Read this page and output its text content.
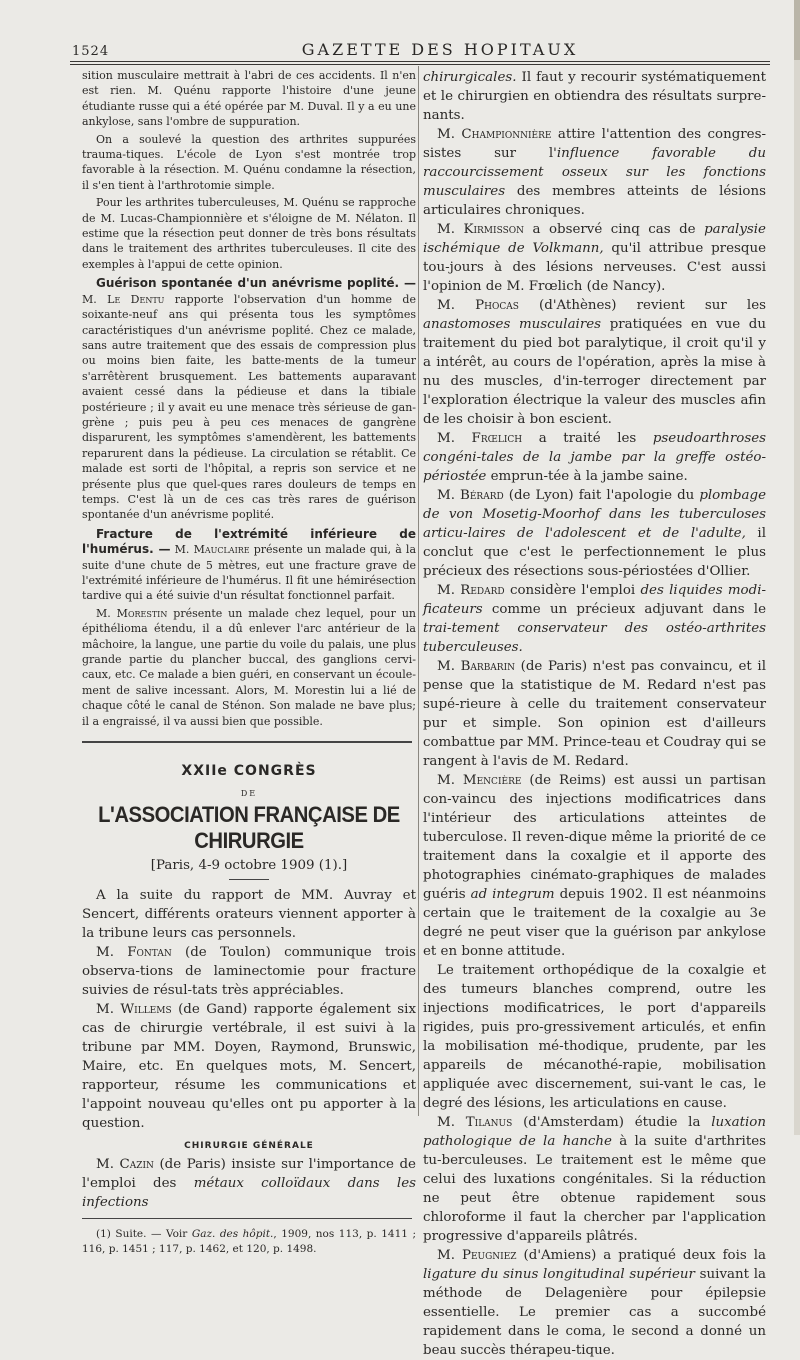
1524	GAZETTE DES HOPITAUX

sition musculaire mettrait à l'abri de ces accidents. Il n'en est rien. M. Quénu rapporte l'histoire d'une jeune étudiante russe qui a été opérée par M. Duval. Il y a eu une ankylose, sans l'ombre de suppuration.

On a soulevé la question des arthrites suppurées trauma-tiques. L'école de Lyon s'est montrée trop favorable à la résection. M. Quénu condamne la résection, il s'en tient à l'arthrotomie simple.

Pour les arthrites tuberculeuses, M. Quénu se rapproche de M. Lucas-Championnière et s'éloigne de M. Nélaton. Il estime que la résection peut donner de très bons résultats dans le traitement des arthrites tuberculeuses. Il cite des exemples à l'appui de cette opinion.

Guérison spontanée d'un anévrisme poplité. — M. Le Dentu rapporte l'observation d'un homme de soixante-neuf ans qui présenta tous les symptômes caractéristiques d'un anévrisme poplité. Chez ce malade, sans autre traitement que des essais de compression plus ou moins bien faite, les batte-ments de la tumeur s'arrêtèrent brusquement. Les battements auparavant avaient cessé dans la pédieuse et dans la tibiale postérieure ; il y avait eu une menace très sérieuse de gan-grène ; puis peu à peu ces menaces de gangrène disparurent, les symptômes s'amendèrent, les battements reparurent dans la pédieuse. La circulation se rétablit. Ce malade est sorti de l'hôpital, a repris son service et ne présente plus que quel-ques rares douleurs de temps en temps. C'est là un de ces cas très rares de guérison spontanée d'un anévrisme poplité.

Fracture de l'extrémité inférieure de l'humérus. — M. Mauclaire présente un malade qui, à la suite d'une chute de 5 mètres, eut une fracture grave de l'extrémité inférieure de l'humérus. Il fit une hémirésection tardive qui a été suivie d'un résultat fonctionnel parfait.

M. Morestin présente un malade chez lequel, pour un épithélioma étendu, il a dû enlever l'arc antérieur de la mâchoire, la langue, une partie du voile du palais, une plus grande partie du plancher buccal, des ganglions cervi-caux, etc. Ce malade a bien guéri, en conservant un écoule-ment de salive incessant. Alors, M. Morestin lui a lié de chaque côté le canal de Sténon. Son malade ne bave plus; il a engraissé, il va aussi bien que possible.

XXIIe CONGRÈS
DE
L'ASSOCIATION FRANÇAISE DE CHIRURGIE
[Paris, 4-9 octobre 1909 (1).]

A la suite du rapport de MM. Auvray et Sencert, différents orateurs viennent apporter à la tribune leurs cas personnels.

M. Fontan (de Toulon) communique trois observa-tions de laminectomie pour fracture suivies de résul-tats très appréciables.

M. Willems (de Gand) rapporte également six cas de chirurgie vertébrale, il est suivi à la tribune par MM. Doyen, Raymond, Brunswic, Maire, etc. En quelques mots, M. Sencert, rapporteur, résume les communications et l'appoint nouveau qu'elles ont pu apporter à la question.

CHIRURGIE GÉNÉRALE

M. Cazin (de Paris) insiste sur l'importance de l'emploi des métaux colloïdaux dans les infections

(1) Suite. — Voir Gaz. des hôpit., 1909, nos 113, p. 1411 ; 116, p. 1451 ; 117, p. 1462, et 120, p. 1498.

chirurgicales. Il faut y recourir systématiquement et le chirurgien en obtiendra des résultats surpre-nants.

M. Championnière attire l'attention des congres-sistes sur l'influence favorable du raccourcissement osseux sur les fonctions musculaires des membres atteints de lésions articulaires chroniques.

M. Kirmisson a observé cinq cas de paralysie ischémique de Volkmann, qu'il attribue presque tou-jours à des lésions nerveuses. C'est aussi l'opinion de M. Frœlich (de Nancy).

M. Phocas (d'Athènes) revient sur les anastomoses musculaires pratiquées en vue du traitement du pied bot paralytique, il croit qu'il y a intérêt, au cours de l'opération, après la mise à nu des muscles, d'in-terroger directement par l'exploration électrique la valeur des muscles afin de les choisir à bon escient.

M. Frœlich a traité les pseudoarthroses congéni-tales de la jambe par la greffe ostéo-périostée emprun-tée à la jambe saine.

M. Bérard (de Lyon) fait l'apologie du plombage de von Mosetig-Moorhof dans les tuberculoses articu-laires de l'adolescent et de l'adulte, il conclut que c'est le perfectionnement le plus précieux des résections sous-périostées d'Ollier.

M. Redard considère l'emploi des liquides modi-ficateurs comme un précieux adjuvant dans le trai-tement conservateur des ostéo-arthrites tuberculeuses.

M. Barbarin (de Paris) n'est pas convaincu, et il pense que la statistique de M. Redard n'est pas supé-rieure à celle du traitement conservateur pur et simple. Son opinion est d'ailleurs combattue par MM. Prince-teau et Coudray qui se rangent à l'avis de M. Redard.

M. Mencière (de Reims) est aussi un partisan con-vaincu des injections modificatrices dans l'intérieur des articulations atteintes de tuberculose. Il reven-dique même la priorité de ce traitement dans la coxalgie et il apporte des photographies cinémato-graphiques de malades guéris ad integrum depuis 1902. Il est néanmoins certain que le traitement de la coxalgie au 3e degré ne peut viser que la guérison par ankylose et en bonne attitude.

Le traitement orthopédique de la coxalgie et des tumeurs blanches comprend, outre les injections modificatrices, le port d'appareils rigides, puis pro-gressivement articulés, et enfin la mobilisation mé-thodique, prudente, par les appareils de mécanothé-rapie, mobilisation appliquée avec discernement, sui-vant le cas, le degré des lésions, les articulations en cause.

M. Tilanus (d'Amsterdam) étudie la luxation pathologique de la hanche à la suite d'arthrites tu-berculeuses. Le traitement est le même que celui des luxations congénitales. Si la réduction ne peut être obtenue rapidement sous chloroforme il faut la chercher par l'application progressive d'appareils plâtrés.

M. Peugniez (d'Amiens) a pratiqué deux fois la ligature du sinus longitudinal supérieur suivant la méthode de Delagenière pour épilepsie essentielle. Le premier cas a succombé rapidement dans le coma, le second a donné un beau succès thérapeu-tique.
